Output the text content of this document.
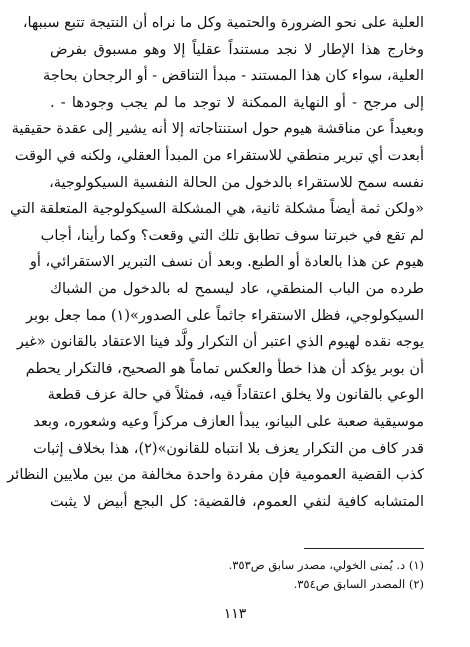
العلية على نحو الضرورة والحتمية وكل ما نراه أن النتيجة تتبع سببها،
وخارج هذا الإطار لا نجد مستنداً عقلياً إلا وهو مسبوق بفرض
العلية، سواء كان هذا المستند - مبدأ التناقض - أو الرجحان بحاجة
إلى مرجح - أو النهاية الممكنة لا توجد ما لم يجب وجودها - .
وبعيداً عن مناقشة هيوم حول استنتاجاته إلا أنه يشير إلى عقدة حقيقية
أبعدت أي تبرير منطقي للاستقراء من المبدأ العقلي، ولكنه في الوقت
نفسه سمح للاستقراء بالدخول من الحالة النفسية السيكولوجية،
«ولكن ثمة أيضاً مشكلة ثانية، هي المشكلة السيكولوجية المتعلقة التي
لم تقع في خبرتنا سوف تطابق تلك التي وقعت؟ وكما رأينا، أجاب
هيوم عن هذا بالعادة أو الطبع. وبعد أن نسف التبرير الاستقرائي، أو
طرده من الباب المنطقي، عاد ليسمح له بالدخول من الشباك
السيكولوجي، فظل الاستقراء جاثماً على الصدور»(١) مما جعل بوبر
يوجه نقده لهيوم الذي اعتبر أن التكرار ولَّد فينا الاعتقاد بالقانون «غير
أن بوبر يؤكد أن هذا خطأ والعكس تماماً هو الصحيح، فالتكرار يحطم
الوعي بالقانون ولا يخلق اعتقاداً فيه، فمثلاً في حالة عزف قطعة
موسيقية صعبة على البيانو، يبدأ العازف مركزاً وعيه وشعوره، وبعد
قدر كاف من التكرار يعزف بلا انتباه للقانون»(٢)، هذا بخلاف إثبات
كذب القضية العمومية فإن مفردة واحدة مخالفة من بين ملايين النظائر
المتشابه كافية لنفي العموم، فالقضية: كل البجع أبيض لا يثبت
(١) د. يُمنى الخولي، مصدر سابق ص٣٥٣.
(٢) المصدر السابق ص٣٥٤.
١١٣
